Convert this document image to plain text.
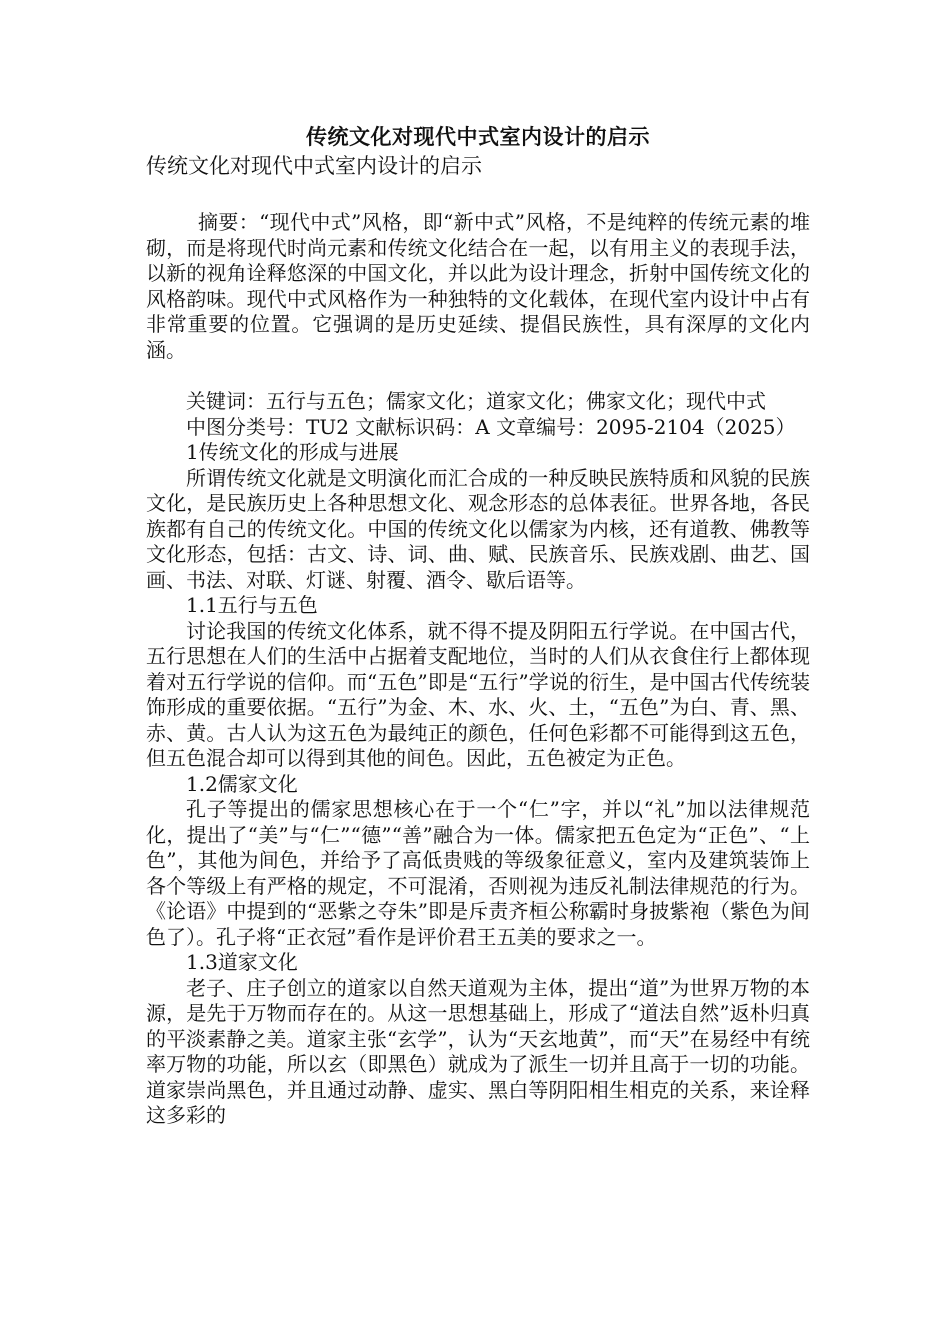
传统文化对现代中式室内设计的启示
传统文化对现代中式室内设计的启示

摘要：“现代中式”风格，即“新中式”风格，不是纯粹的传统元素的堆砌，而是将现代时尚元素和传统文化结合在一起，以有用主义的表现手法，以新的视角诠释悠深的中国文化，并以此为设计理念，折射中国传统文化的风格韵味。现代中式风格作为一种独特的文化载体，在现代室内设计中占有非常重要的位置。它强调的是历史延续、提倡民族性，具有深厚的文化内涵。

关键词：五行与五色；儒家文化；道家文化；佛家文化；现代中式

中图分类号：TU2 文献标识码：A 文章编号：2095-2104（2025）

1传统文化的形成与进展

所谓传统文化就是文明演化而汇合成的一种反映民族特质和风貌的民族文化，是民族历史上各种思想文化、观念形态的总体表征。世界各地，各民族都有自己的传统文化。中国的传统文化以儒家为内核，还有道教、佛教等文化形态，包括：古文、诗、词、曲、赋、民族音乐、民族戏剧、曲艺、国画、书法、对联、灯谜、射覆、酒令、歇后语等。

1.1五行与五色

讨论我国的传统文化体系，就不得不提及阴阳五行学说。在中国古代，五行思想在人们的生活中占据着支配地位，当时的人们从衣食住行上都体现着对五行学说的信仰。而“五色”即是“五行”学说的衍生，是中国古代传统装饰形成的重要依据。“五行”为金、木、水、火、土，“五色”为白、青、黑、赤、黄。古人认为这五色为最纯正的颜色，任何色彩都不可能得到这五色，但五色混合却可以得到其他的间色。因此，五色被定为正色。

1.2儒家文化

孔子等提出的儒家思想核心在于一个“仁”字，并以“礼”加以法律规范化，提出了“美”与“仁”“德”“善”融合为一体。儒家把五色定为“正色”、“上色”，其他为间色，并给予了高低贵贱的等级象征意义，室内及建筑装饰上各个等级上有严格的规定，不可混淆，否则视为违反礼制法律规范的行为。《论语》中提到的“恶紫之夺朱”即是斥责齐桓公称霸时身披紫袍（紫色为间色了）。孔子将“正衣冠”看作是评价君王五美的要求之一。

1.3道家文化

老子、庄子创立的道家以自然天道观为主体，提出“道”为世界万物的本源，是先于万物而存在的。从这一思想基础上，形成了“道法自然”返朴归真的平淡素静之美。道家主张“玄学”，认为“天玄地黄”，而“天”在易经中有统率万物的功能，所以玄（即黑色）就成为了派生一切并且高于一切的功能。道家崇尚黑色，并且通过动静、虚实、黑白等阴阳相生相克的关系，来诠释这多彩的
